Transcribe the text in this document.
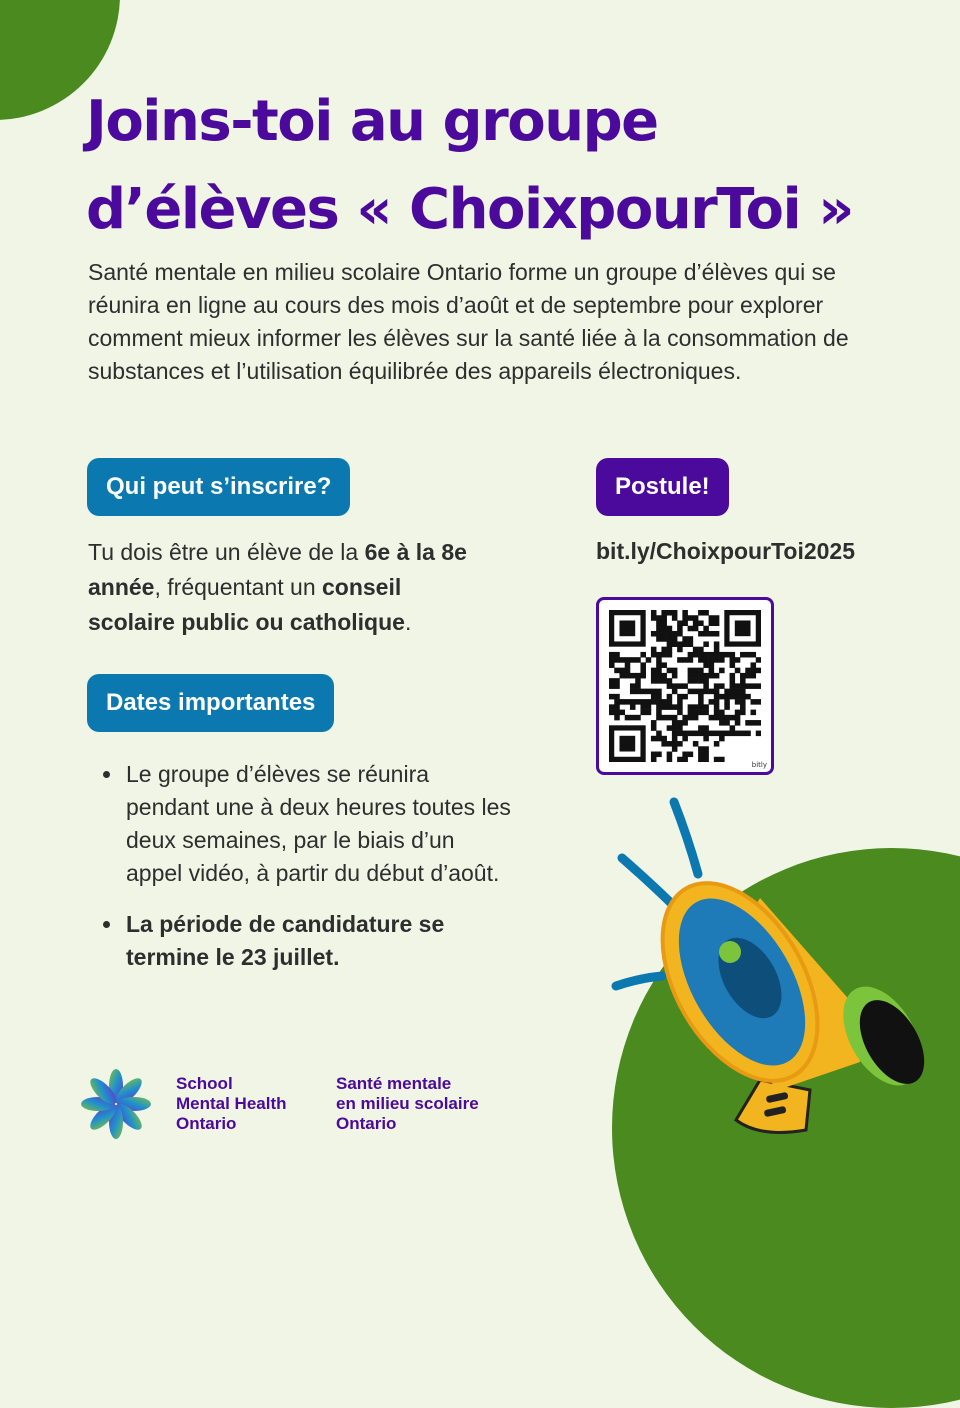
Joins-toi au groupe
d’élèves « ChoixpourToi »

Santé mentale en milieu scolaire Ontario forme un groupe d’élèves qui se réunira en ligne au cours des mois d’août et de septembre pour explorer comment mieux informer les élèves sur la santé liée à la consommation de substances et l’utilisation équilibrée des appareils électroniques.

Qui peut s’inscrire?

Tu dois être un élève de la 6e à la 8e année, fréquentant un conseil scolaire public ou catholique.

Dates importantes
• Le groupe d’élèves se réunira pendant une à deux heures toutes les deux semaines, par le biais d’un appel vidéo, à partir du début d’août.
• La période de candidature se termine le 23 juillet.
Postule!
bit.ly/ChoixpourToi2025
bitly

School
Mental Health
Ontario

Santé mentale
en milieu scolaire
Ontario
